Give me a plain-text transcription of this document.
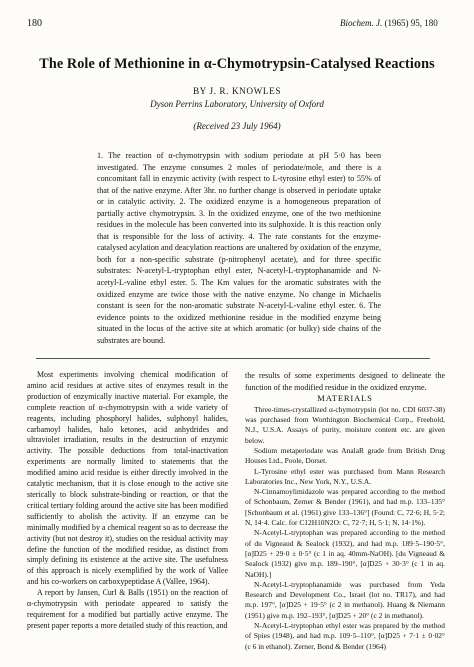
180	Biochem. J. (1965) 95, 180
The Role of Methionine in α-Chymotrypsin-Catalysed Reactions
BY J. R. KNOWLES
Dyson Perrins Laboratory, University of Oxford
(Received 23 July 1964)
1. The reaction of α-chymotrypsin with sodium periodate at pH 5·0 has been investigated. The enzyme consumes 2 moles of periodate/mole, and there is a concomitant fall in enzymic activity (with respect to L-tyrosine ethyl ester) to 55% of that of the native enzyme. After 3hr. no further change is observed in periodate uptake or in catalytic activity. 2. The oxidized enzyme is a homogeneous preparation of partially active chymotrypsin. 3. In the oxidized enzyme, one of the two methionine residues in the molecule has been converted into its sulphoxide. It is this reaction only that is responsible for the loss of activity. 4. The rate constants for the enzyme-catalysed acylation and deacylation reactions are unaltered by oxidation of the enzyme, both for a non-specific substrate (p-nitrophenyl acetate), and for three specific substrates: N-acetyl-L-tryptophan ethyl ester, N-acetyl-L-tryptophanamide and N-acetyl-L-valine ethyl ester. 5. The Km values for the aromatic substrates with the oxidized enzyme are twice those with the native enzyme. No change in Michaelis constant is seen for the non-aromatic substrate N-acetyl-L-valine ethyl ester. 6. The evidence points to the oxidized methionine residue in the modified enzyme being situated in the locus of the active site at which aromatic (or bulky) side chains of the substrates are bound.

Most experiments involving chemical modification of amino acid residues at active sites of enzymes result in the production of enzymically inactive material. For example, the complete reaction of α-chymotrypsin with a wide variety of reagents, including phosphoryl halides, sulphonyl halides, carbamoyl halides, halo ketones, acid anhydrides and ultraviolet irradiation, results in the destruction of enzymic activity. The possible deductions from total-inactivation experiments are normally limited to statements that the modified amino acid residue is either directly involved in the catalytic mechanism, that it is close enough to the active site sterically to block substrate-binding or reaction, or that the critical tertiary folding around the active site has been modified sufficiently to abolish the activity. If an enzyme can be minimally modified by a chemical reagent so as to decrease the activity (but not destroy it), studies on the residual activity may define the function of the modified residue, as distinct from simply defining its existence at the active site. The usefulness of this approach is nicely exemplified by the work of Vallee and his co-workers on carboxypeptidase A (Vallee, 1964).

A report by Jansen, Curl & Balls (1951) on the reaction of α-chymotrypsin with periodate appeared to satisfy the requirement for a modified but partially active enzyme. The present paper reports a more detailed study of this reaction, and

the results of some experiments designed to delineate the function of the modified residue in the oxidized enzyme.

MATERIALS

Three-times-crystallized α-chymotrypsin (lot no. CDI 6037-38) was purchased from Worthington Biochemical Corp., Freehold, N.J., U.S.A. Assays of purity, moisture content etc. are given below.

Sodium metaperiodate was AnalaR grade from British Drug Houses Ltd., Poole, Dorset.

L-Tyrosine ethyl ester was purchased from Mann Research Laboratories Inc., New York, N.Y., U.S.A.

N-Cinnamoylimidazole was prepared according to the method of Schonbaum, Zerner & Bender (1961), and had m.p. 133–135° [Schonbaum et al. (1961) give 133–136°] (Found: C, 72·6; H, 5·2; N, 14·4. Calc. for C12H10N2O: C, 72·7; H, 5·1; N, 14·1%).

N-Acetyl-L-tryptophan was prepared according to the method of du Vigneaud & Sealock (1932), and had m.p. 189·5–190·5°, [α]D25 + 29·0 ± 0·5° (c 1 in aq. 40mm-NaOH). [du Vigneaud & Sealock (1932) give m.p. 189–190°, [α]D25 + 30·3° (c 1 in aq. NaOH).]

N-Acetyl-L-tryptophanamide was purchased from Yeda Research and Development Co., Israel (lot no. TR17), and had m.p. 197°, [α]D25 + 19·5° (c 2 in methanol). Huang & Niemann (1951) give m.p. 192–193°, [α]D25 + 20° (c 2 in methanol).

N-Acetyl-L-tryptophan ethyl ester was prepared by the method of Spies (1948), and had m.p. 109·5–110°, [α]D25 + 7·1 ± 0·02° (c 6 in ethanol). Zerner, Bond & Bender (1964)
